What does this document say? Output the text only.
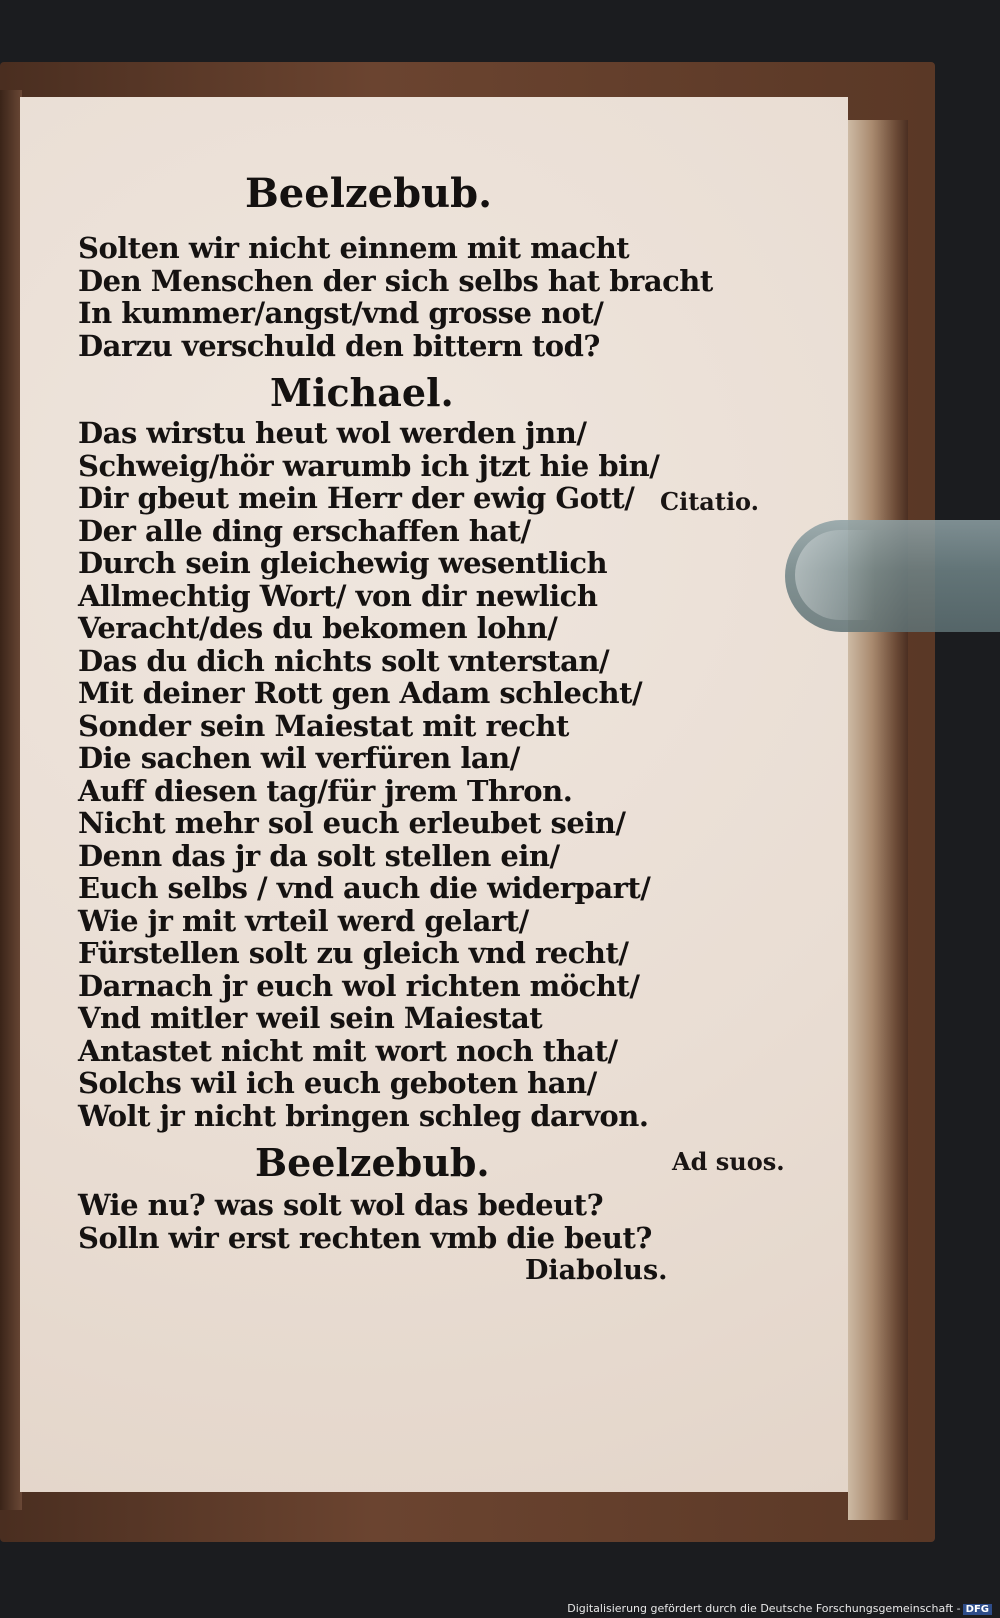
Beelzebub.
Solten wir nicht einnem mit macht
Den Menschen der sich selbs hat bracht
In kummer/angst/vnd grosse not/
Darzu verschuld den bittern tod?
Michael.
Das wirstu heut wol werden jnn/
Schweig/hör warumb ich jtzt hie bin/
Dir gbeut mein Herr der ewig Gott/
Der alle ding erschaffen hat/
Durch sein gleichewig wesentlich
Allmechtig Wort/ von dir newlich
Veracht/des du bekomen lohn/
Das du dich nichts solt vnterstan/
Mit deiner Rott gen Adam schlecht/
Sonder sein Maiestat mit recht
Die sachen wil verfüren lan/
Auff diesen tag/für jrem Thron.
Nicht mehr sol euch erleubet sein/
Denn das jr da solt stellen ein/
Euch selbs / vnd auch die widerpart/
Wie jr mit vrteil werd gelart/
Fürstellen solt zu gleich vnd recht/
Darnach jr euch wol richten möcht/
Vnd mitler weil sein Maiestat
Antastet nicht mit wort noch that/
Solchs wil ich euch geboten han/
Wolt jr nicht bringen schleg darvon.
Beelzebub.
Wie nu? was solt wol das bedeut?
Solln wir erst rechten vmb die beut?
Diabolus.
Citatio.
Ad suos.
Digitalisierung gefördert durch die Deutsche Forschungsgemeinschaft - DFG
